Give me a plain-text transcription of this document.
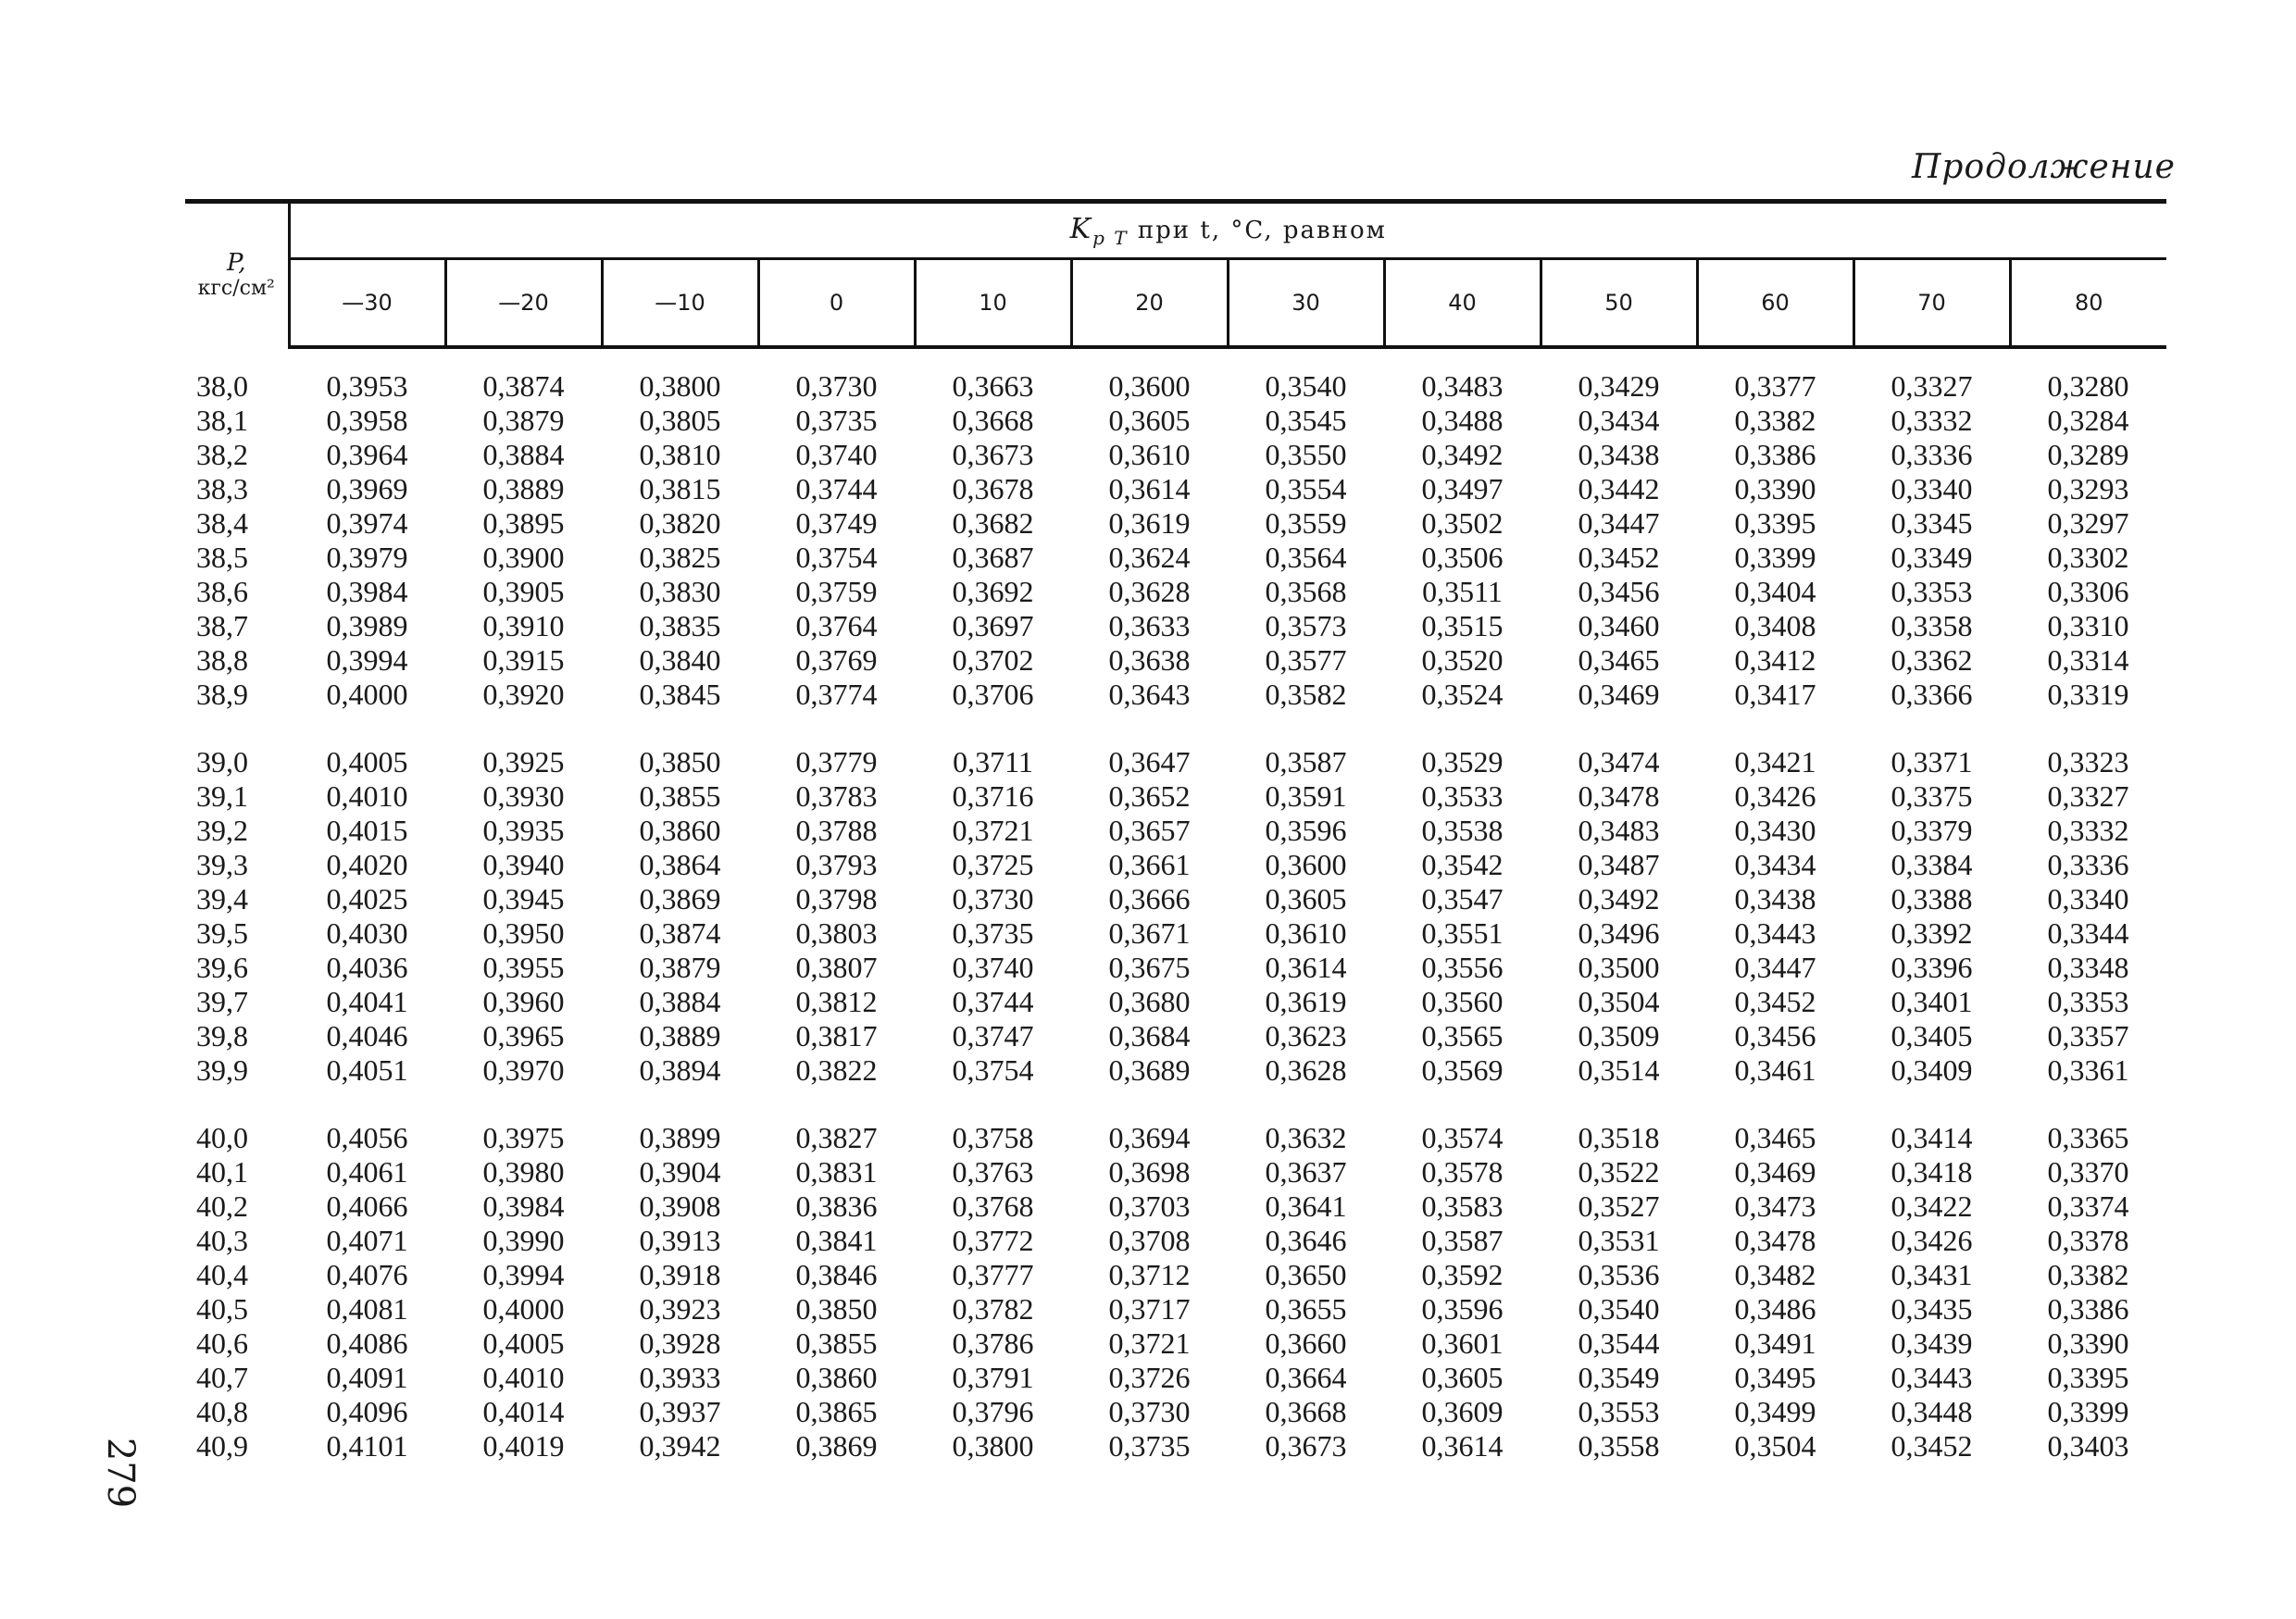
Продолжение
P,
кгс/см²	$K_{p T}$ при t, °C, равном											
	—30	—20	—10	0	10	20	30	40	50	60	70	80

38,0	0,3953	0,3874	0,3800	0,3730	0,3663	0,3600	0,3540	0,3483	0,3429	0,3377	0,3327	0,3280
38,1	0,3958	0,3879	0,3805	0,3735	0,3668	0,3605	0,3545	0,3488	0,3434	0,3382	0,3332	0,3284
38,2	0,3964	0,3884	0,3810	0,3740	0,3673	0,3610	0,3550	0,3492	0,3438	0,3386	0,3336	0,3289
38,3	0,3969	0,3889	0,3815	0,3744	0,3678	0,3614	0,3554	0,3497	0,3442	0,3390	0,3340	0,3293
38,4	0,3974	0,3895	0,3820	0,3749	0,3682	0,3619	0,3559	0,3502	0,3447	0,3395	0,3345	0,3297
38,5	0,3979	0,3900	0,3825	0,3754	0,3687	0,3624	0,3564	0,3506	0,3452	0,3399	0,3349	0,3302
38,6	0,3984	0,3905	0,3830	0,3759	0,3692	0,3628	0,3568	0,3511	0,3456	0,3404	0,3353	0,3306
38,7	0,3989	0,3910	0,3835	0,3764	0,3697	0,3633	0,3573	0,3515	0,3460	0,3408	0,3358	0,3310
38,8	0,3994	0,3915	0,3840	0,3769	0,3702	0,3638	0,3577	0,3520	0,3465	0,3412	0,3362	0,3314
38,9	0,4000	0,3920	0,3845	0,3774	0,3706	0,3643	0,3582	0,3524	0,3469	0,3417	0,3366	0,3319

39,0	0,4005	0,3925	0,3850	0,3779	0,3711	0,3647	0,3587	0,3529	0,3474	0,3421	0,3371	0,3323
39,1	0,4010	0,3930	0,3855	0,3783	0,3716	0,3652	0,3591	0,3533	0,3478	0,3426	0,3375	0,3327
39,2	0,4015	0,3935	0,3860	0,3788	0,3721	0,3657	0,3596	0,3538	0,3483	0,3430	0,3379	0,3332
39,3	0,4020	0,3940	0,3864	0,3793	0,3725	0,3661	0,3600	0,3542	0,3487	0,3434	0,3384	0,3336
39,4	0,4025	0,3945	0,3869	0,3798	0,3730	0,3666	0,3605	0,3547	0,3492	0,3438	0,3388	0,3340
39,5	0,4030	0,3950	0,3874	0,3803	0,3735	0,3671	0,3610	0,3551	0,3496	0,3443	0,3392	0,3344
39,6	0,4036	0,3955	0,3879	0,3807	0,3740	0,3675	0,3614	0,3556	0,3500	0,3447	0,3396	0,3348
39,7	0,4041	0,3960	0,3884	0,3812	0,3744	0,3680	0,3619	0,3560	0,3504	0,3452	0,3401	0,3353
39,8	0,4046	0,3965	0,3889	0,3817	0,3747	0,3684	0,3623	0,3565	0,3509	0,3456	0,3405	0,3357
39,9	0,4051	0,3970	0,3894	0,3822	0,3754	0,3689	0,3628	0,3569	0,3514	0,3461	0,3409	0,3361

40,0	0,4056	0,3975	0,3899	0,3827	0,3758	0,3694	0,3632	0,3574	0,3518	0,3465	0,3414	0,3365
40,1	0,4061	0,3980	0,3904	0,3831	0,3763	0,3698	0,3637	0,3578	0,3522	0,3469	0,3418	0,3370
40,2	0,4066	0,3984	0,3908	0,3836	0,3768	0,3703	0,3641	0,3583	0,3527	0,3473	0,3422	0,3374
40,3	0,4071	0,3990	0,3913	0,3841	0,3772	0,3708	0,3646	0,3587	0,3531	0,3478	0,3426	0,3378
40,4	0,4076	0,3994	0,3918	0,3846	0,3777	0,3712	0,3650	0,3592	0,3536	0,3482	0,3431	0,3382
40,5	0,4081	0,4000	0,3923	0,3850	0,3782	0,3717	0,3655	0,3596	0,3540	0,3486	0,3435	0,3386
40,6	0,4086	0,4005	0,3928	0,3855	0,3786	0,3721	0,3660	0,3601	0,3544	0,3491	0,3439	0,3390
40,7	0,4091	0,4010	0,3933	0,3860	0,3791	0,3726	0,3664	0,3605	0,3549	0,3495	0,3443	0,3395
40,8	0,4096	0,4014	0,3937	0,3865	0,3796	0,3730	0,3668	0,3609	0,3553	0,3499	0,3448	0,3399
40,9	0,4101	0,4019	0,3942	0,3869	0,3800	0,3735	0,3673	0,3614	0,3558	0,3504	0,3452	0,3403
279
